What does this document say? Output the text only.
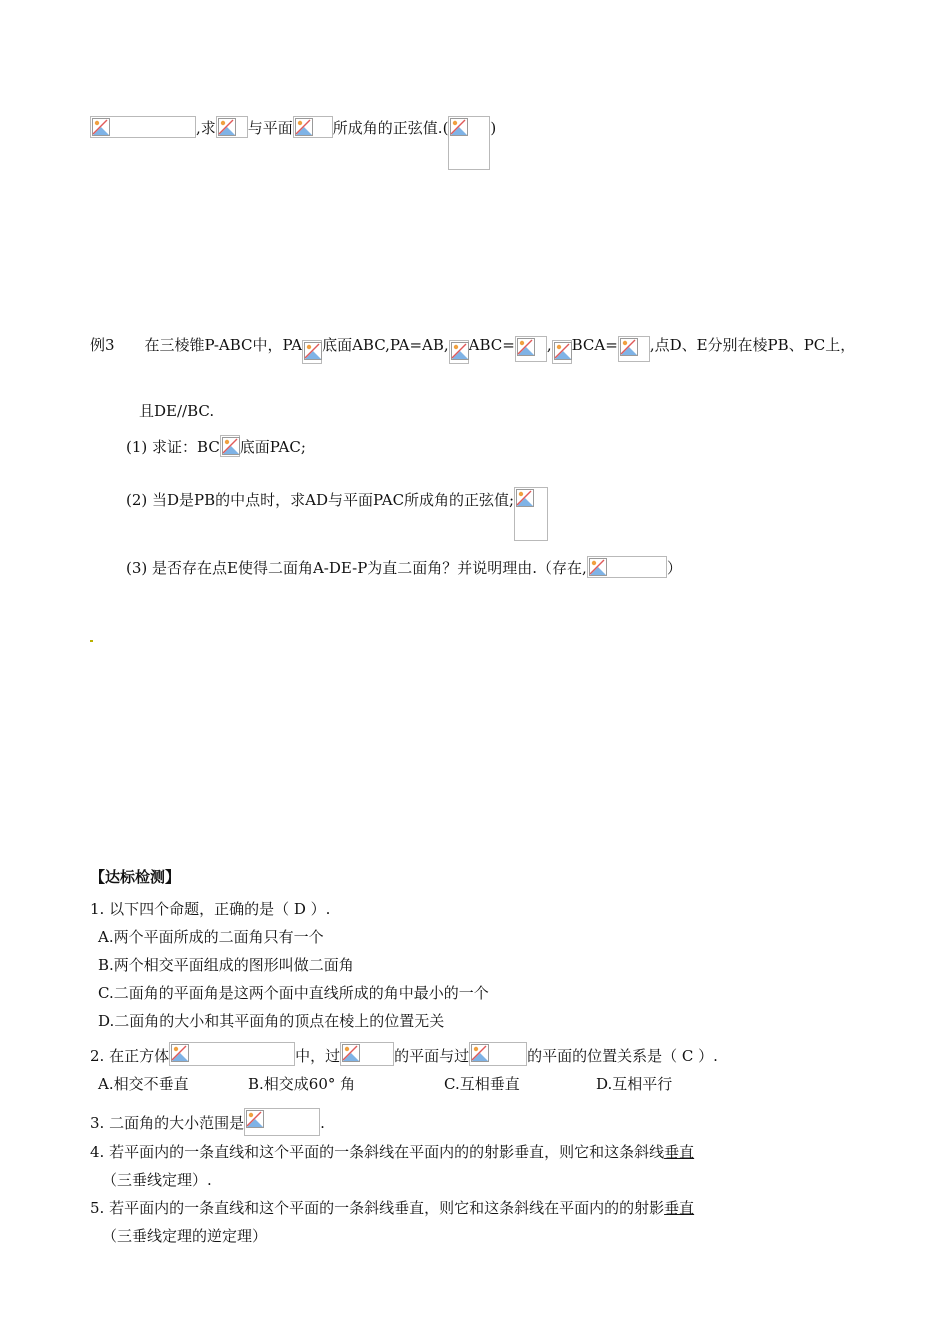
,求 与平面	所成角的正弦值.(	)
例3 在三棱锥P-ABC中，PA 底面ABC,PA=AB, ABC= , BCA= ,点D、E分别在棱PB、PC上，
且DE//BC.
(1) 求证：BC 底面PAC;
(2) 当D是PB的中点时，求AD与平面PAC所成角的正弦值;
(3) 是否存在点E使得二面角A-DE-P为直二面角？并说明理由.（存在,	）
【达标检测】
1. 以下四个命题，正确的是（ D ）.
A.两个平面所成的二面角只有一个
B.两个相交平面组成的图形叫做二面角
C.二面角的平面角是这两个面中直线所成的角中最小的一个
D.二面角的大小和其平面角的顶点在棱上的位置无关
2. 在正方体	中，过	的平面与过	的平面的位置关系是（ C ）.
A.相交不垂直	B.相交成60° 角	C.互相垂直	D.互相平行
3. 二面角的大小范围是	.
4. 若平面内的一条直线和这个平面的一条斜线在平面内的的射影垂直，则它和这条斜线垂直
（三垂线定理）.
5. 若平面内的一条直线和这个平面的一条斜线垂直，则它和这条斜线在平面内的的射影垂直
（三垂线定理的逆定理）
